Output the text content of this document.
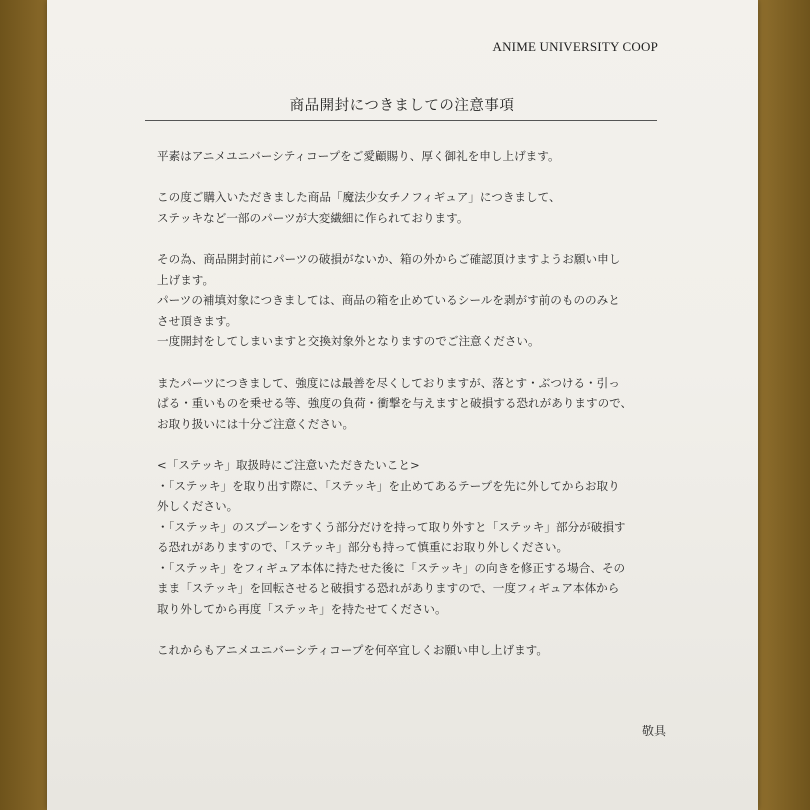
ANIME UNIVERSITY COOP
商品開封につきましての注意事項
平素はアニメユニバーシティコープをご愛顧賜り、厚く御礼を申し上げます。
この度ご購入いただきました商品「魔法少女チノフィギュア」につきまして、
ステッキなど一部のパーツが大変繊細に作られております。
その為、商品開封前にパーツの破損がないか、箱の外からご確認頂けますようお願い申し
上げます。
パーツの補填対象につきましては、商品の箱を止めているシールを剥がす前のもののみと
させ頂きます。
一度開封をしてしまいますと交換対象外となりますのでご注意ください。
またパーツにつきまして、強度には最善を尽くしておりますが、落とす・ぶつける・引っ
ぱる・重いものを乗せる等、強度の負荷・衝撃を与えますと破損する恐れがありますので、
お取り扱いには十分ご注意ください。
<「ステッキ」取扱時にご注意いただきたいこと>
・「ステッキ」を取り出す際に、「ステッキ」を止めてあるテープを先に外してからお取り
外しください。
・「ステッキ」のスプーンをすくう部分だけを持って取り外すと「ステッキ」部分が破損す
る恐れがありますので、「ステッキ」部分も持って慎重にお取り外しください。
・「ステッキ」をフィギュア本体に持たせた後に「ステッキ」の向きを修正する場合、その
まま「ステッキ」を回転させると破損する恐れがありますので、一度フィギュア本体から
取り外してから再度「ステッキ」を持たせてください。
これからもアニメユニバーシティコープを何卒宜しくお願い申し上げます。
敬具
